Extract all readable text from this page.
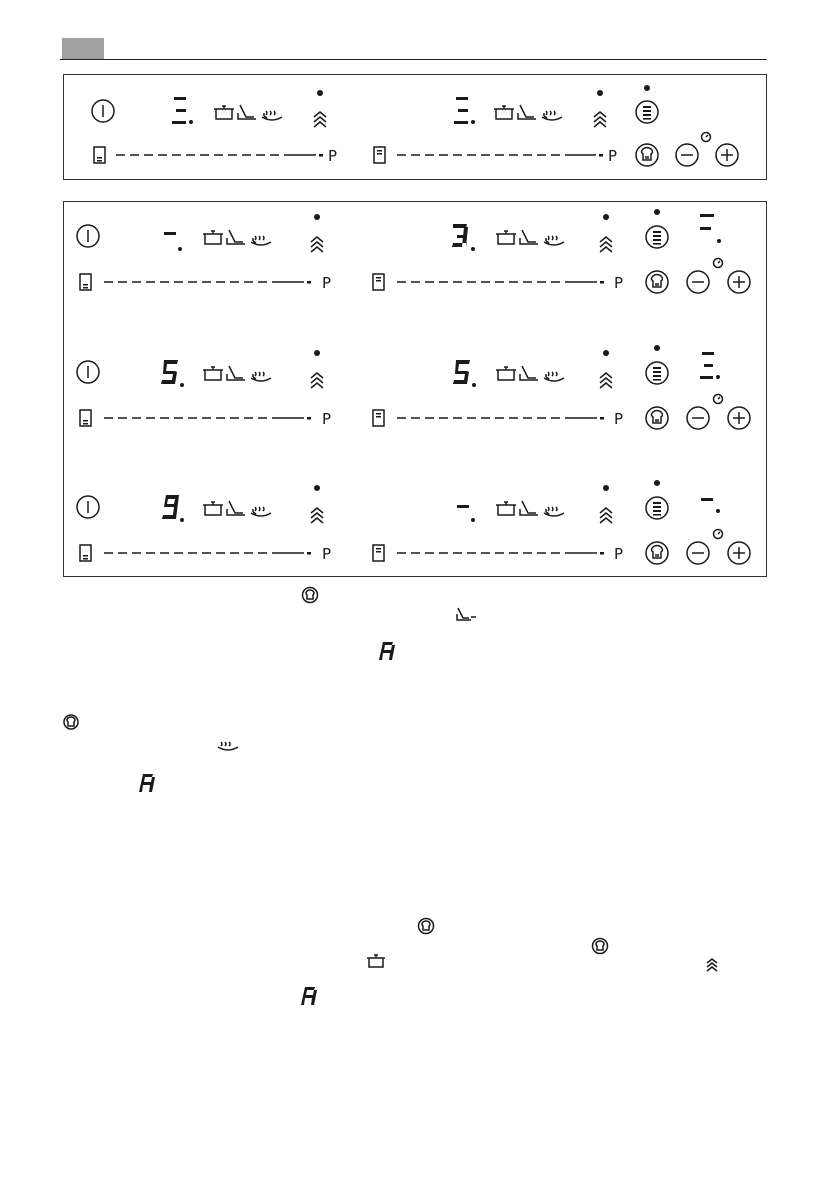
P	P
P	P
P	P
P	P
